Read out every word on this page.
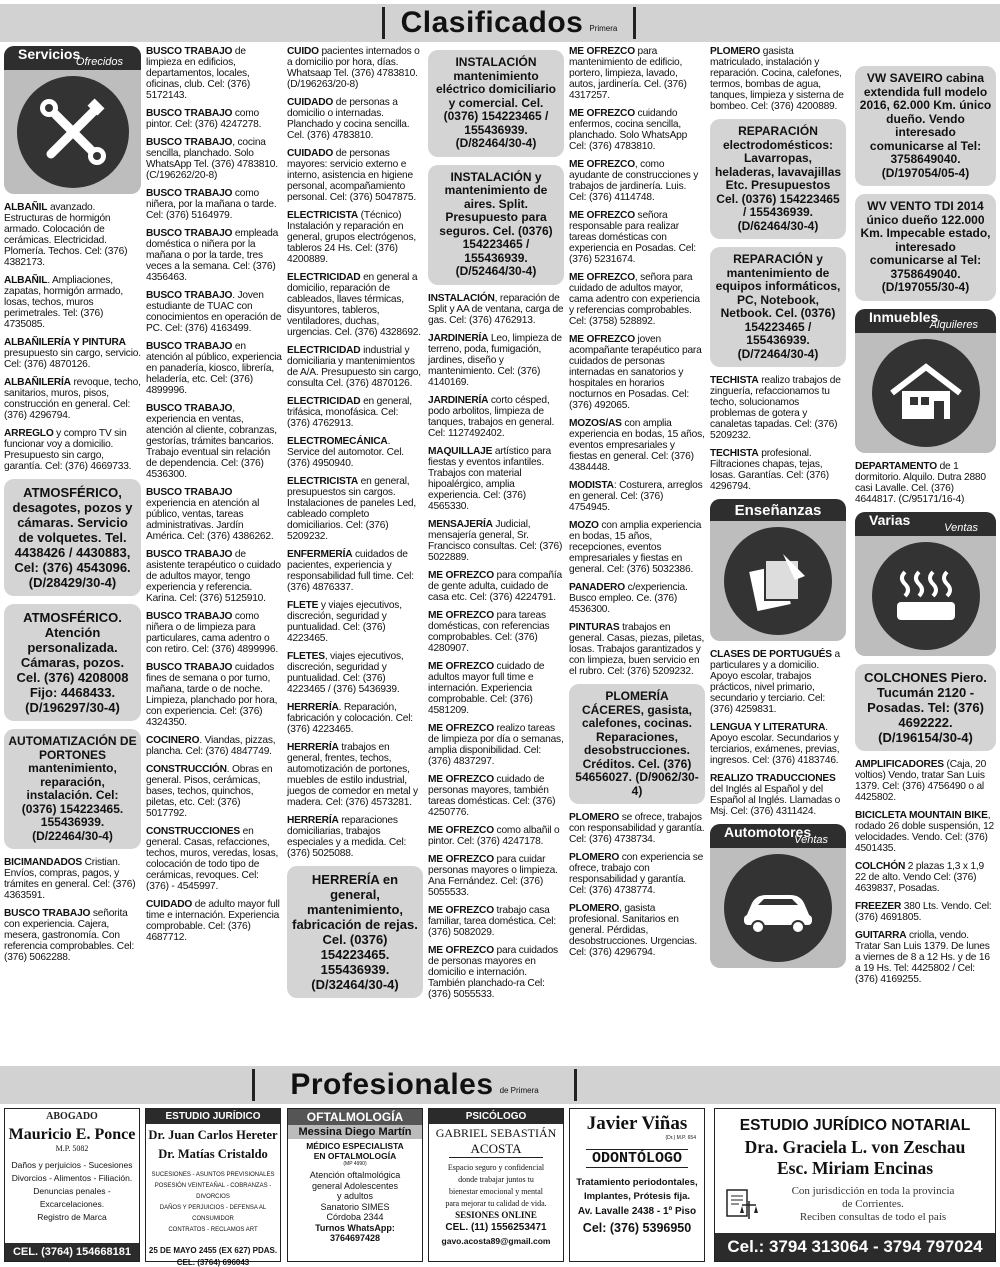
Clasificados Primera
Servicios
Ofrecidos

ALBAÑIL avanzado. Estructuras de hormigón armado. Colocación de cerámicas. Electricidad. Plomería. Techos. Cel: (376) 4382173.

ALBAÑIL. Ampliaciones, zapatas, hormigón armado, losas, techos, muros perimetrales. Tel: (376) 4735085.

ALBAÑILERÍA Y PINTURA presupuesto sin cargo, servicio. Cel: (376) 4870126.

ALBAÑILERÍA revoque, techo, sanitarios, muros, pisos, construcción en general. Cel: (376) 4296794.

ARREGLO y compro TV sin funcionar voy a domicilio. Presupuesto sin cargo, garantía. Cel: (376) 4669733.

ATMOSFÉRICO, desagotes, pozos y cámaras. Servicio de volquetes. Tel. 4438426 / 4430883, Cel: (376) 4543096. (D/28429/30-4)
ATMOSFÉRICO. Atención personalizada. Cámaras, pozos. Cel. (376) 4208008 Fijo: 4468433. (D/196297/30-4)
AUTOMATIZACIÓN DE PORTONES mantenimiento, reparación, instalación. Cel: (0376) 154223465. 155436939. (D/22464/30-4)

BICIMANDADOS Cristian. Envíos, compras, pagos, y trámites en general. Cel: (376) 4363591.

BUSCO TRABAJO señorita con experiencia. Cajera, mesera, gastronomía. Con referencia comprobables. Cel: (376) 5062288.

BUSCO TRABAJO de limpieza en edificios, departamentos, locales, oficinas, club. Cel: (376) 5172143.

BUSCO TRABAJO como pintor. Cel: (376) 4247278.

BUSCO TRABAJO, cocina sencilla, planchado. Solo WhatsApp Tel. (376) 4783810. (C/196262/20-8)

BUSCO TRABAJO como niñera, por la mañana o tarde. Cel: (376) 5164979.

BUSCO TRABAJO empleada doméstica o niñera por la mañana o por la tarde, tres veces a la semana. Cel: (376) 4356463.

BUSCO TRABAJO. Joven estudiante de TUAC con conocimientos en operación de PC. Cel: (376) 4163499.

BUSCO TRABAJO en atención al público, experiencia en panadería, kiosco, librería, heladería, etc. Cel: (376) 4899996.

BUSCO TRABAJO, experiencia en ventas, atención al cliente, cobranzas, gestorías, trámites bancarios. Trabajo eventual sin relación de dependencia. Cel: (376) 4536300.

BUSCO TRABAJO experiencia en atención al público, ventas, tareas administrativas. Jardín América. Cel: (376) 4386262.

BUSCO TRABAJO de asistente terapéutico o cuidado de adultos mayor, tengo experiencia y referencia. Karina. Cel: (376) 5125910.

BUSCO TRABAJO como niñera o de limpieza para particulares, cama adentro o con retiro. Cel: (376) 4899996.

BUSCO TRABAJO cuidados fines de semana o por turno, mañana, tarde o de noche. Limpieza, planchado por hora, con experiencia. Cel: (376) 4324350.

COCINERO. Viandas, pizzas, plancha. Cel: (376) 4847749.

CONSTRUCCIÓN. Obras en general. Pisos, cerámicas, bases, techos, quinchos, piletas, etc. Cel: (376) 5017792.

CONSTRUCCIONES en general. Casas, refacciones, techos, muros, veredas, losas, colocación de todo tipo de cerámicas, revoques. Cel: (376) - 4545997.

CUIDADO de adulto mayor full time e internación. Experiencia comprobable. Cel: (376) 4687712.

CUIDO pacientes internados o a domicilio por hora, días. Whatsaap Tel. (376) 4783810. (D/196263/20-8)

CUIDADO de personas a domicilio o internadas. Planchado y cocina sencilla. Cel. (376) 4783810.

CUIDADO de personas mayores: servicio externo e interno, asistencia en higiene personal, acompañamiento personal. Cel: (376) 5047875.

ELECTRICISTA (Técnico) Instalación y reparación en general, grupos electrógenos, tableros 24 Hs. Cel: (376) 4200889.

ELECTRICIDAD en general a domicilio, reparación de cableados, llaves térmicas, disyuntores, tableros, ventiladores, duchas, urgencias. Cel. (376) 4328692.

ELECTRICIDAD industrial y domiciliaria y mantenimientos de A/A. Presupuesto sin cargo, consulta Cel. (376) 4870126.

ELECTRICIDAD en general, trifásica, monofásica. Cel: (376) 4762913.

ELECTROMECÁNICA. Service del automotor. Cel. (376) 4950940.

ELECTRICISTA en general, presupuestos sin cargos. Instalaciones de paneles Led, cableado completo domiciliarios. Cel: (376) 5209232.

ENFERMERÍA cuidados de pacientes, experiencia y responsabilidad full time. Cel: (376) 4876337.

FLETE y viajes ejecutivos, discreción, seguridad y puntualidad. Cel: (376) 4223465.

FLETES, viajes ejecutivos, discreción, seguridad y puntualidad. Cel: (376) 4223465 / (376) 5436939.

HERRERÍA. Reparación, fabricación y colocación. Cel: (376) 4223465.

HERRERÍA trabajos en general, frentes, techos, automotización de portones, muebles de estilo industrial, juegos de comedor en metal y madera. Cel: (376) 4573281.

HERRERÍA reparaciones domiciliarias, trabajos especiales y a medida. Cel: (376) 5025088.

HERRERÍA en general, mantenimiento, fabricación de rejas. Cel. (0376) 154223465. 155436939. (D/32464/30-4)
INSTALACIÓN mantenimiento eléctrico domiciliario y comercial. Cel. (0376) 154223465 / 155436939. (D/82464/30-4)
INSTALACIÓN y mantenimiento de aires. Split. Presupuesto para seguros. Cel. (0376) 154223465 / 155436939. (D/52464/30-4)

INSTALACIÓN, reparación de Split y AA de ventana, carga de gas. Cel: (376) 4762913.

JARDINERÍA Leo, limpieza de terreno, poda, fumigación, jardines, diseño y mantenimiento. Cel: (376) 4140169.

JARDINERÍA corto césped, podo arbolitos, limpieza de tanques, trabajos en general. Cel: 1127492402.

MAQUILLAJE artístico para fiestas y eventos infantiles. Trabajos con material hipoalérgico, amplia experiencia. Cel: (376) 4565330.

MENSAJERÍA Judicial, mensajería general, Sr. Francisco consultas. Cel: (376) 5022889.

ME OFREZCO para compañía de gente adulta, cuidado de casa etc. Cel: (376) 4224791.

ME OFREZCO para tareas domésticas, con referencias comprobables. Cel: (376) 4280907.

ME OFREZCO cuidado de adultos mayor full time e internación. Experiencia comprobable. Cel: (376) 4581209.

ME OFREZCO realizo tareas de limpieza por día o semanas, amplia disponibilidad. Cel: (376) 4837297.

ME OFREZCO cuidado de personas mayores, también tareas domésticas. Cel: (376) 4250776.

ME OFREZCO como albañil o pintor. Cel: (376) 4247178.

ME OFREZCO para cuidar personas mayores o limpieza. Ana Fernández. Cel: (376) 5055533.

ME OFREZCO trabajo casa familiar, tarea doméstica. Cel: (376) 5082029.

ME OFREZCO para cuidados de personas mayores en domicilio e internación. También planchado-ra Cel: (376) 5055533.

ME OFREZCO para mantenimiento de edificio, portero, limpieza, lavado, autos, jardinería. Cel. (376) 4317257.

ME OFREZCO cuidando enfermos, cocina sencilla, planchado. Solo WhatsApp Cel: (376) 4783810.

ME OFREZCO, como ayudante de construcciones y trabajos de jardinería. Luis. Cel: (376) 4114748.

ME OFREZCO señora responsable para realizar tareas domésticas con experiencia en Posadas. Cel: (376) 5231674.

ME OFREZCO, señora para cuidado de adultos mayor, cama adentro con experiencia y referencias comprobables. Cel: (3758) 528892.

ME OFREZCO joven acompañante terapéutico para cuidados de personas internadas en sanatorios y hospitales en horarios nocturnos en Posadas. Cel: (376) 492065.

MOZOS/AS con amplia experiencia en bodas, 15 años, eventos empresariales y fiestas en general. Cel: (376) 4384448.

MODISTA: Costurera, arreglos en general. Cel: (376) 4754945.

MOZO con amplia experiencia en bodas, 15 años, recepciones, eventos empresariales y fiestas en general. Cel: (376) 5032386.

PANADERO c/experiencia. Busco empleo. Ce. (376) 4536300.

PINTURAS trabajos en general. Casas, piezas, piletas, losas. Trabajos garantizados y con limpieza, buen servicio en el rubro. Cel: (376) 5209232.

PLOMERÍA CÁCERES, gasista, calefones, cocinas. Reparaciones, desobstrucciones. Créditos. Cel. (376) 54656027. (D/9062/30-4)

PLOMERO se ofrece, trabajos con responsabilidad y garantía. Cel: (376) 4738734.

PLOMERO con experiencia se ofrece, trabajo con responsabilidad y garantía. Cel: (376) 4738774.

PLOMERO, gasista profesional. Sanitarios en general. Pérdidas, desobstrucciones. Urgencias. Cel: (376) 4296794.

PLOMERO gasista matriculado, instalación y reparación. Cocina, calefones, termos, bombas de agua, tanques, limpieza y sisterna de bombeo. Cel: (376) 4200889.

REPARACIÓN electrodomésticos: Lavarropas, heladeras, lavavajillas Etc. Presupuestos Cel. (0376) 154223465 / 155436939. (D/62464/30-4)
REPARACIÓN y mantenimiento de equipos informáticos, PC, Notebook, Netbook. Cel. (0376) 154223465 / 155436939. (D/72464/30-4)

TECHISTA realizo trabajos de zinguería, refaccionamos tu techo, solucionamos problemas de gotera y canaletas tapadas. Cel: (376) 5209232.

TECHISTA profesional. Filtraciones chapas, tejas, losas. Garantías. Cel: (376) 4296794.

Enseñanzas

CLASES DE PORTUGUÉS a particulares y a domicilio. Apoyo escolar, trabajos prácticos, nivel primario, secundario y terciario. Cel: (376) 4259831.

LENGUA Y LITERATURA. Apoyo escolar. Secundarios y terciarios, exámenes, previas, ingresos. Cel: (376) 4183746.

REALIZO TRADUCCIONES del Inglés al Español y del Español al Inglés. Llamadas o Msj. Cel: (376) 4311424.

Automotores
Ventas
VW SAVEIRO cabina extendida full modelo 2016, 62.000 Km. único dueño. Vendo interesado comunicarse al Tel: 3758649040. (D/197054/05-4)
WV VENTO TDI 2014 único dueño 122.000 Km. Impecable estado, interesado comunicarse al Tel: 3758649040. (D/197055/30-4)
Inmuebles
Alquileres

DEPARTAMENTO de 1 dormitorio. Alquilo. Dutra 2880 casi Lavalle. Cel. (376) 4644817. (C/95171/16-4)

Varias	Ventas
COLCHONES Piero. Tucumán 2120 - Posadas. Tel: (376) 4692222. (D/196154/30-4)

AMPLIFICADORES (Caja, 20 voltios) Vendo, tratar San Luis 1379. Cel: (376) 4756490 o al 4425802.

BICICLETA MOUNTAIN BIKE, rodado 26 doble suspensión, 12 velocidades. Vendo. Cel: (376) 4501435.

COLCHÓN 2 plazas 1,3 x 1,9 22 de alto. Vendo Cel: (376) 4639837, Posadas.

FREEZER 380 Lts. Vendo. Cel: (376) 4691805.

GUITARRA criolla, vendo. Tratar San Luis 1379. De lunes a viernes de 8 a 12 Hs. y de 16 a 19 Hs. Tel: 4425802 / Cel: (376) 4169255.

Profesionales de Primera
ABOGADO
Mauricio E. Ponce
M.P. 5082
Daños y perjuicios - Sucesiones
Divorcios - Alimentos - Filiación.
Denuncias penales - Excarcelaciones.
Registro de Marca
CEL. (3764) 154668181
ESTUDIO JURÍDICO
Dr. Juan Carlos Hereter
Dr. Matías Cristaldo
SUCESIONES - ASUNTOS PREVISIONALES
POSESIÓN VEINTEAÑAL - COBRANZAS - DIVORCIOS
DAÑOS Y PERJUICIOS - DEFENSA AL CONSUMIDOR
CONTRATOS - RECLAMOS ART
25 DE MAYO 2455 (EX 627) PDAS.
CEL. (3764) 696043
OFTALMOLOGÍA
Messina Diego Martín
MÉDICO ESPECIALISTA EN OFTALMOLOGÍA
(MP 4990)
Atención oftalmológica
general Adolescentes
y adultos
Sanatorio SIMES
Córdoba 2344
Turnos WhatsApp:
3764697428
PSICÓLOGO
GABRIEL SEBASTIÁN
ACOSTA
Espacio seguro y confidencial
donde trabajar juntos tu
bienestar emocional y mental
para mejorar tu calidad de vida.
SESIONES ONLINE
CEL. (11) 1556253471
gavo.acosta89@gmail.com
Javier Viñas
(Dr.) M.P. 654
ODONTÓLOGO
Tratamiento periodontales,
Implantes, Prótesis fija.
Av. Lavalle 2438 - 1º Piso
Cel: (376) 5396950
ESTUDIO JURÍDICO NOTARIAL
Dra. Graciela L. von Zeschau
Esc. Miriam Encinas
Con jurisdicción en toda la provincia
de Corrientes.
Reciben consultas de todo el país
Cel.: 3794 313064 - 3794 797024
